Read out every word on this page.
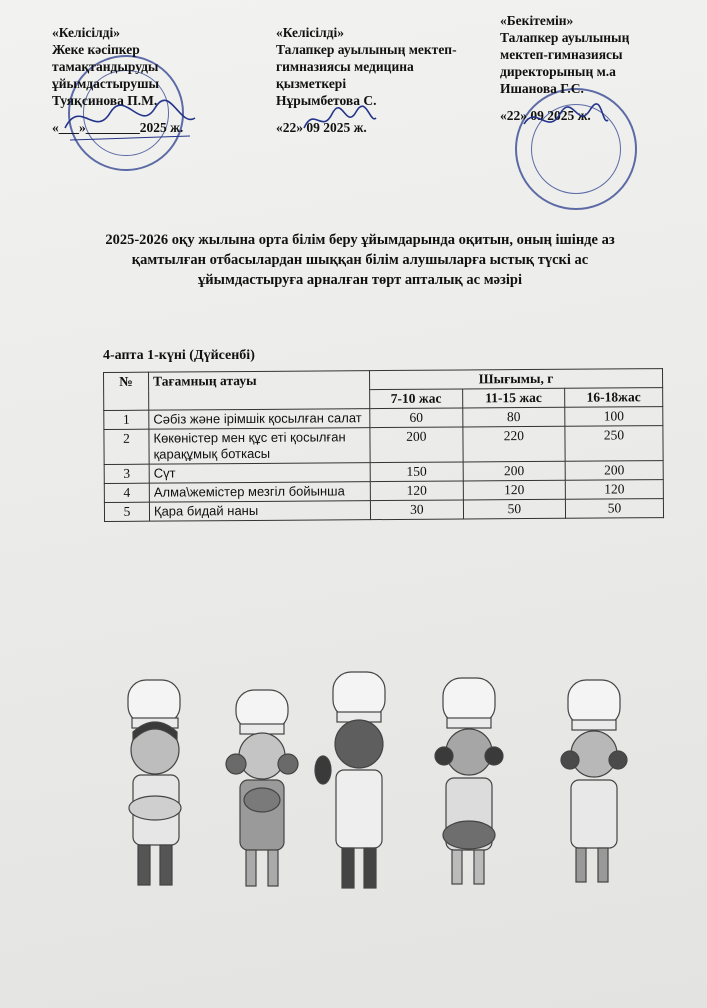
«Келісілді»
Жеке кәсіпкер
тамақтандыруды
ұйымдастырушы
Туяқсинова П.М.
«___»________2025 ж.
«Келісілді»
Талапкер ауылының мектеп-
гимназиясы медицина
қызметкері
Нұрымбетова С.
«22» 09 2025 ж.
«Бекітемін»
Талапкер ауылының
мектеп-гимназиясы
директорының м.а
Ишанова Г.С.
«22» 09 2025 ж.
2025-2026 оқу жылына орта білім беру ұйымдарында оқитын, оның ішінде аз
қамтылған отбасылардан шыққан білім алушыларға ыстық түскі ас
ұйымдастыруға арналған төрт апталық ас мәзірі
4-апта 1-күні (Дүйсенбі)
№	Тағамның атауы	Шығымы, г		
		7-10 жас	11-15 жас	16-18жас
1	Сәбіз және ірімшік қосылған салат	60	80	100
2	Көкөністер мен құс еті қосылған қарақұмық боткасы	200	220	250
3	Сүт	150	200	200
4	Алма\жемістер мезгіл бойынша	120	120	120
5	Қара бидай наны	30	50	50
